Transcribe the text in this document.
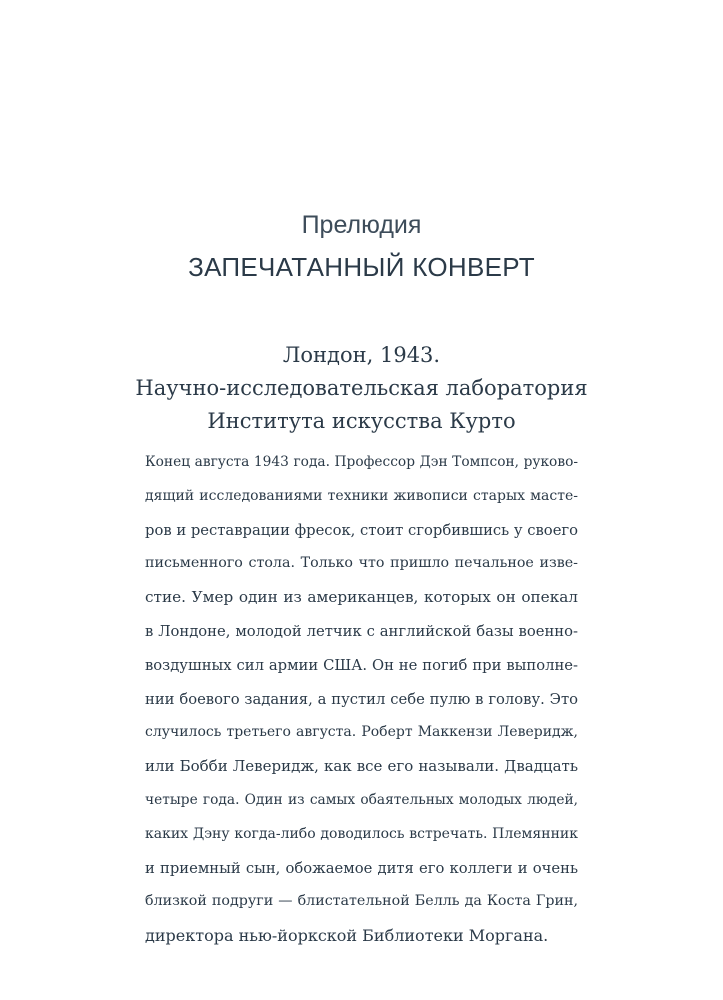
Прелюдия
ЗАПЕЧАТАННЫЙ КОНВЕРТ
Лондон, 1943.
Научно-исследовательская лаборатория
Института искусства Курто
Конец августа 1943 года. Профессор Дэн Томпсон, руково-
дящий исследованиями техники живописи старых масте-
ров и реставрации фресок, стоит сгорбившись у своего
письменного стола. Только что пришло печальное изве-
стие. Умер один из американцев, которых он опекал
в Лондоне, молодой летчик с английской базы военно-
воздушных сил армии США. Он не погиб при выполне-
нии боевого задания, а пустил себе пулю в голову. Это
случилось третьего августа. Роберт Маккензи Леверидж,
или Бобби Леверидж, как все его называли. Двадцать
четыре года. Один из самых обаятельных молодых людей,
каких Дэну когда-либо доводилось встречать. Племянник
и приемный сын, обожаемое дитя его коллеги и очень
близкой подруги — блистательной Белль да Коста Грин,
директора нью-йоркской Библиотеки Моргана.
